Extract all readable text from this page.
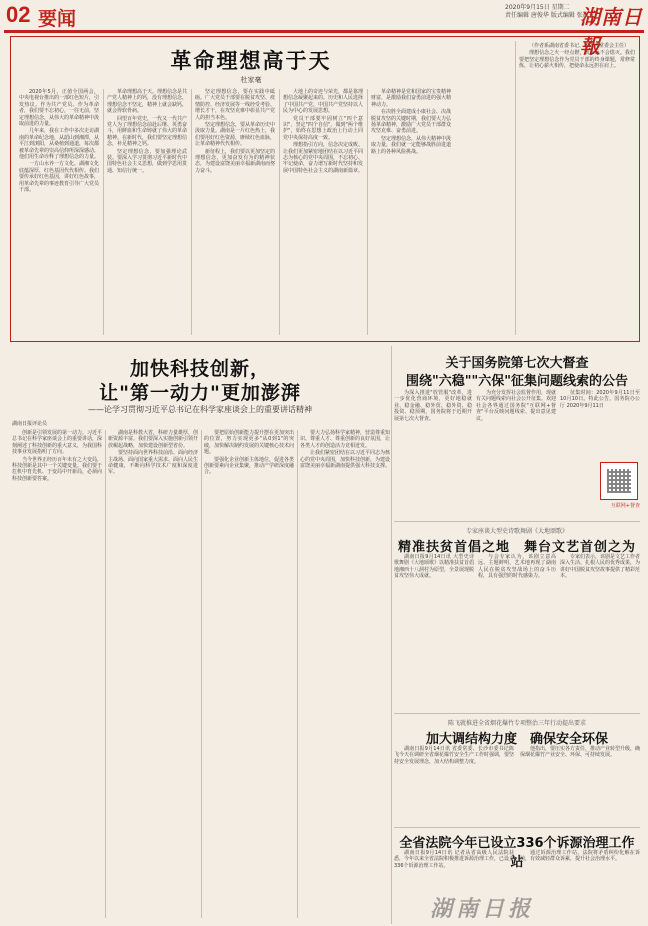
02 要闻
2020年9月15日 星期二
责任编辑 唐俊华 版式编辑 张晨光
湖南日報
革命理想高于天
杜家毫

2020年5月，正值全国两会，中央电视台推出的一部红色短片，引发热议。作为共产党员、作为革命者，我们要不忘初心，一往无前，坚定理想信念，从伟大的革命精神中汲取前进的力量。

几年来，我在工作中多次走访湖南的革命纪念地，从韶山到湘潭，从平江到浏阳，从桑植到通道，每次都被革命先辈的崇高信仰所深深感动。他们用生命诠释了理想信念的力量。

一方山水养一方文化。湖湘文化底蕴深厚，红色基因代代相传。我们要传承好红色基因，讲好红色故事，用革命先辈的事迹教育引导广大党员干部。

革命理想高于天。理想信念是共产党人精神上的钙，没有理想信念，理想信念不坚定，精神上就会缺钙，就会得软骨病。

回望百年党史，一代又一代共产党人为了理想信念前赴后继、英勇奋斗，用鲜血和生命铸就了伟大的革命精神。在新时代，我们要坚定理想信念，补足精神之钙。

坚定理想信念，要加强理论武装。要深入学习贯彻习近平新时代中国特色社会主义思想，做到学思用贯通、知信行统一。

坚定理想信念，要在实践中砥砺。广大党员干部要在脱贫攻坚、疫情防控、经济发展等一线经受考验、增长才干，在攻坚克难中彰显共产党人的担当本色。

坚定理想信念，要从革命历史中汲取力量。湖南是一片红色热土，我们要用好红色资源，赓续红色血脉，让革命精神代代相传。

新征程上，我们要以更加坚定的理想信念，更加奋发有为的精神状态，为建设富饶美丽幸福新湖南而努力奋斗。

大地上的奇迹与荣光，都是靠理想信念凝聚起来的。历史和人民选择了中国共产党，中国共产党坚持以人民为中心的发展思想。

党员干部要牢固树立"四个意识"，坚定"四个自信"，做到"两个维护"，始终在思想上政治上行动上同党中央保持高度一致。

理想指引方向，信念决定成败。让我们更加紧密地团结在以习近平同志为核心的党中央周围，不忘初心、牢记使命，奋力谱写新时代坚持和发展中国特色社会主义的湖南新篇章。

革命精神是党和国家的宝贵精神财富，是激励我们奋勇前进的强大精神动力。

在决胜全面建成小康社会、决战脱贫攻坚的关键时期，我们要大力弘扬革命精神，激励广大党员干部群众攻坚克难、奋勇前进。

坚定理想信念，从伟大精神中汲取力量，我们就一定能够战胜前进道路上的各种风险挑战。

（作者系湖南省委书记、省人大常委会主任）

理想信念之火一经点燃，就永远不会熄灭。我们要把坚定理想信念作为党员干部的终身课题，常修常炼，让初心薪火相传，把使命永远担在肩上。

加快科技创新，
让"第一动力"更加澎湃
——论学习贯彻习近平总书记在科学家座谈会上的重要讲话精神
湖南日报评论员

创新是引领发展的第一动力。习近平总书记在科学家座谈会上的重要讲话，深刻阐述了科技创新的重大意义，为我国科技事业发展指明了方向。

当今世界正经历百年未有之大变局，科技创新是其中一个关键变量。我们要于危机中育先机、于变局中开新局，必须向科技创新要答案。

湖南是科教大省，科研力量雄厚，创新资源丰富。我们要深入实施创新引领开放崛起战略，加快建设创新型省份。

要坚持面向世界科技前沿、面向经济主战场、面向国家重大需求、面向人民生命健康，不断向科学技术广度和深度进军。

要把原始创新能力提升摆在更加突出的位置，努力实现更多"从0到1"的突破，加快解决制约发展的关键核心技术问题。

要强化企业创新主体地位，促进各类创新要素向企业集聚，推动产学研深度融合。

要大力弘扬科学家精神，营造尊重知识、尊重人才、尊重创新的良好氛围，让各类人才的创造活力竞相迸发。

让我们紧密团结在以习近平同志为核心的党中央周围，加快科技创新，为建设富饶美丽幸福新湖南提供强大科技支撑。

关于国务院第七次大督查
围绕"六稳""六保"征集问题线索的公告

为深入推进"放管服"改革，进一步优化营商环境，更好地稳就业、稳金融、稳外贸、稳外资、稳投资、稳预期，国务院将于近期开展第七次大督查。

为充分发挥社会监督作用，现就有关问题线索向社会公开征集。欢迎社会各界通过国务院"互联网+督查"平台反映问题线索、提出意见建议。

征集时间：2020年9月11日至10月10日。特此公告。国务院办公厅 2020年9月11日

互联网+督查
专家座谈大型史诗歌舞剧《大地颂歌》
精准扶贫首倡之地　舞台文艺首创之为

湖南日报9月14日讯 大型史诗歌舞剧《大地颂歌》以精准扶贫首倡地湘西十八洞村为原型，全景展现脱贫攻坚伟大成就。

与会专家认为，该剧立意高远、主题鲜明，艺术地再现了湖南人民在脱贫攻坚战场上的奋斗历程，具有强烈的时代感染力。

专家们表示，该剧是文艺工作者深入生活、扎根人民的优秀成果，为讲好中国脱贫攻坚故事提供了精彩范本。

陈飞就推进全省烟花爆竹专项整治三年行动提出要求
加大调结构力度　确保安全环保

湖南日报9月14日讯 省委常委、长沙市委书记陈飞今天在调研全省烟花爆竹安全生产工作时强调，要坚持安全发展理念，加大结构调整力度。

他指出，要压实各方责任，推动产业转型升级，确保烟花爆竹产业安全、环保、可持续发展。

全省法院今年已设立336个诉源治理工作站

湖南日报9月14日讯 记者从省高级人民法院获悉，今年以来全省法院积极推进诉源治理工作，已设立336个诉源治理工作站。

通过诉源治理工作站，法院将矛盾纠纷化解在诉前，有效减轻群众诉累，提升社会治理水平。

湖南日报
